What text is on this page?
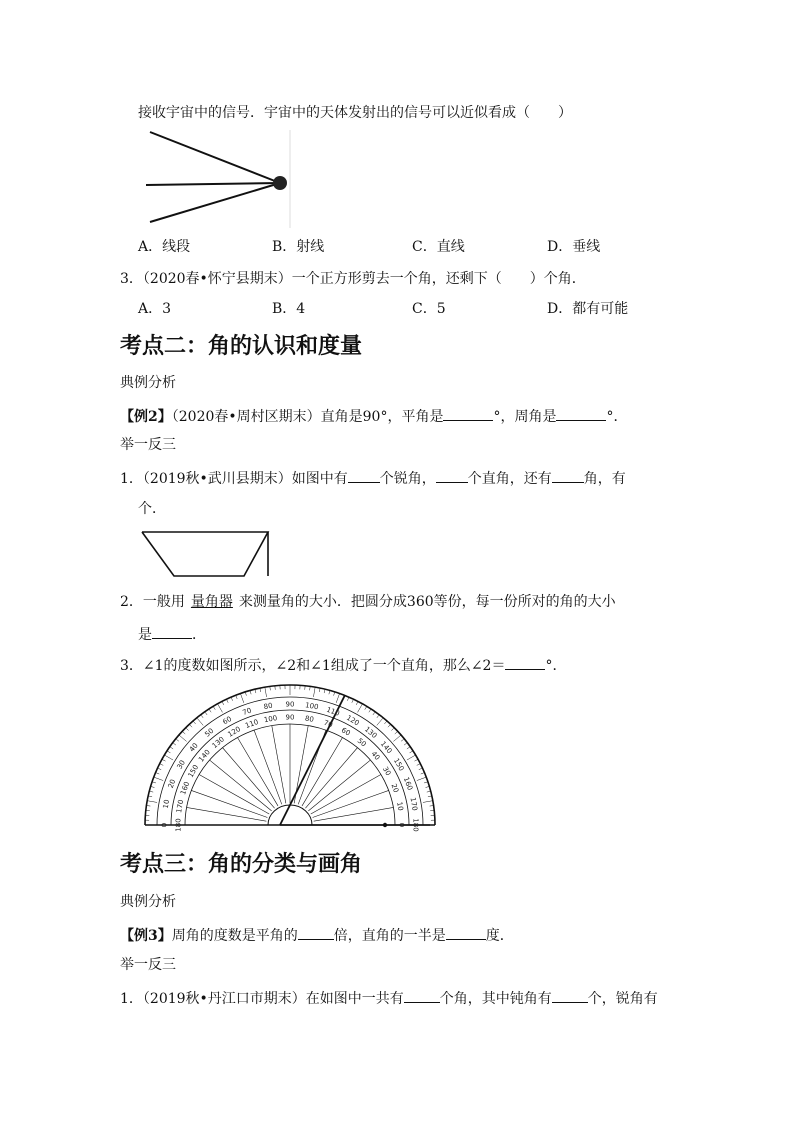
接收宇宙中的信号．宇宙中的天体发射出的信号可以近似看成（　　）
A．线段	B．射线	C．直线	D．垂线
3．（2020春•怀宁县期末）一个正方形剪去一个角，还剩下（　　）个角．
A．3	B．4	C．5	D．都有可能
考点二：角的认识和度量
典例分析
【例2】（2020春•周村区期末）直角是90°，平角是	°，周角是	°．
举一反三
1．（2019秋•武川县期末）如图中有 个锐角， 个直角，还有 角，有
个．
2．一般用 量角器 来测量角的大小．把圆分成360等份，每一份所对的角的大小
是	．
3．∠1的度数如图所示，∠2和∠1组成了一个直角，那么∠2＝	°．
0
10
20
30
40
50
60
70
80 90 100 110
120
130
140
150
160
170
180
180
170
160
150
140
130
120
110 100 90 80 70
60
50
40
30
20
10
0
考点三：角的分类与画角
典例分析
【例3】周角的度数是平角的	倍，直角的一半是	度．
举一反三
1．（2019秋•丹江口市期末）在如图中一共有	个角，其中钝角有	个，锐角有
